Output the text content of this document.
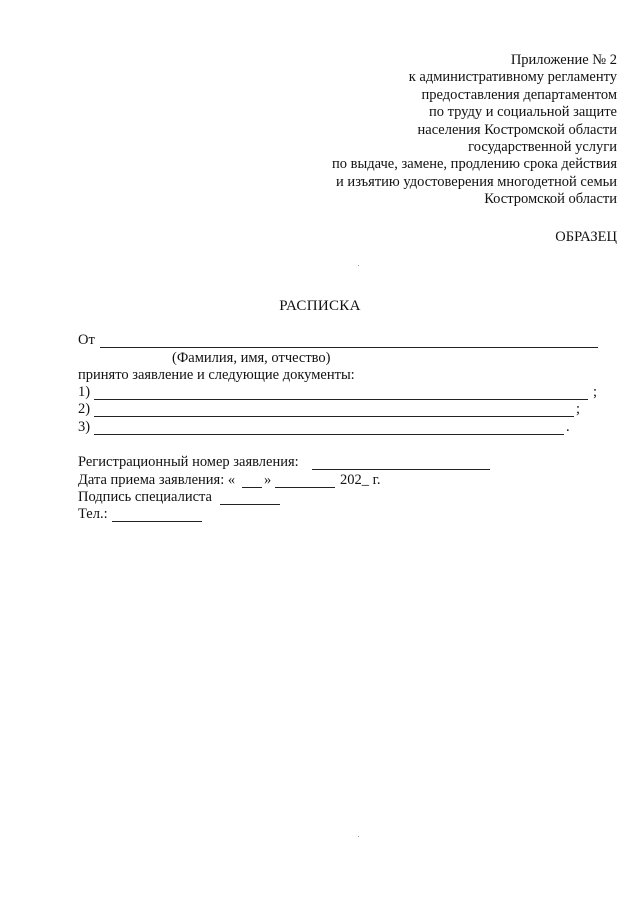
Приложение № 2
к административному регламенту
предоставления департаментом
по труду и социальной защите
населения Костромской области
государственной услуги
по выдаче, замене, продлению срока действия
и изъятию удостоверения многодетной семьи
Костромской области
ОБРАЗЕЦ
РАСПИСКА
От
(Фамилия, имя, отчество)
принято заявление и следующие документы:
1)	;
2)	;
3)	.
Регистрационный номер заявления:
Дата приема заявления: « »	202_ г.
Подпись специалиста
Тел.:
